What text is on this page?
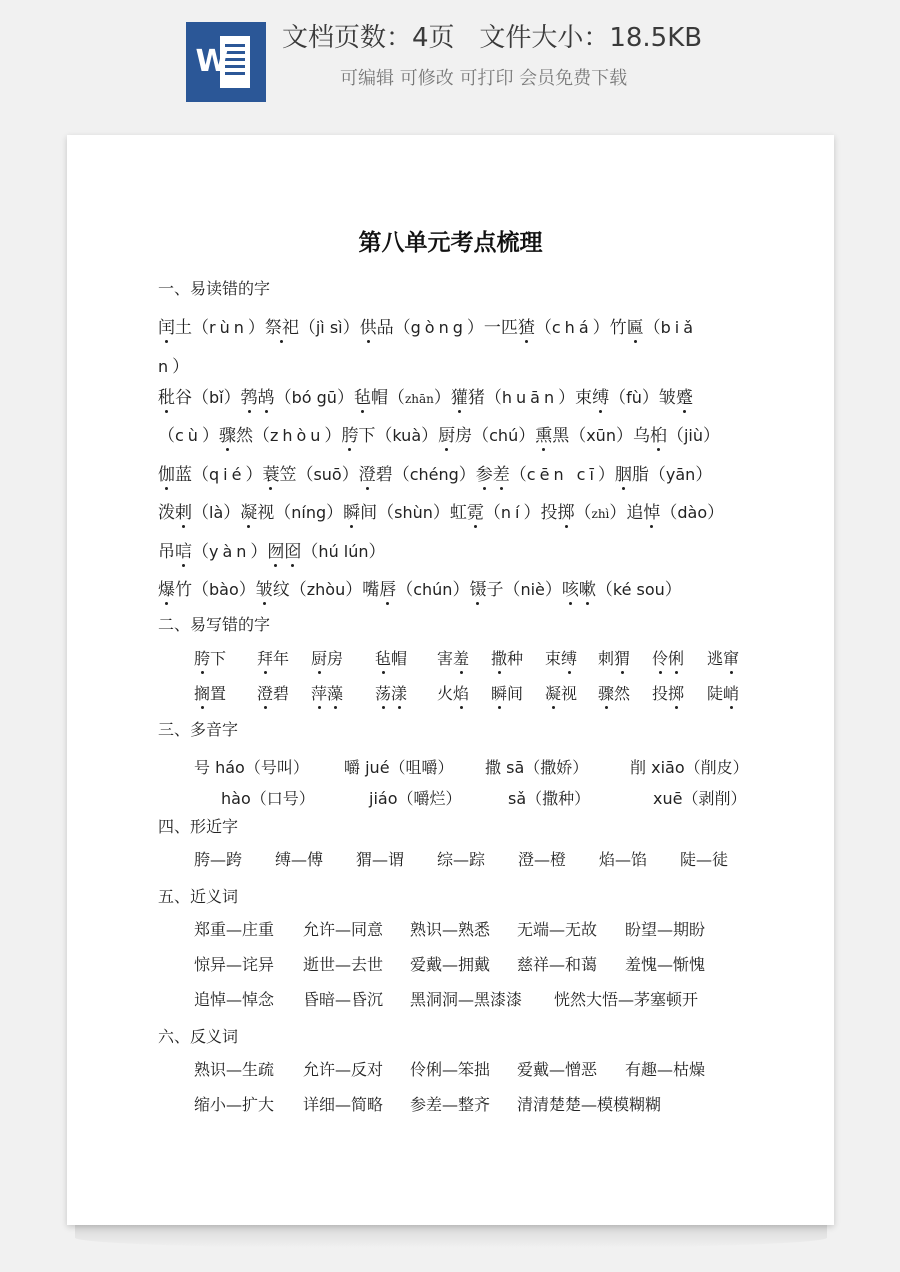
W
文档页数：4页   文件大小：18.5KB
可编辑 可修改 可打印 会员免费下载
第八单元考点梳理
一、易读错的字
闰土（rùn）祭祀（jì sì）供品（gòng）一匹猹（chá）竹匾（biǎ
n）
秕谷（bǐ）鹁鸪（bó gū）毡帽（zhān）獾猪（huān）束缚（fù）皱蹙
（cù）骤然（zhòu）胯下（kuà）厨房（chú）熏黑（xūn）乌桕（jiù）
伽蓝（qié）蓑笠（suō）澄碧（chéng）参差（cēn cī）胭脂（yān）
泼剌（là）凝视（níng）瞬间（shùn）虹霓（ní）投掷（zhì）追悼（dào）
吊唁（yàn）囫囵（hú lún）
爆竹（bào）皱纹（zhòu）嘴唇（chún）镊子（niè）咳嗽（ké sou）
二、易写错的字
胯下 拜年 厨房 毡帽 害羞 撒种 束缚 刺猬 伶俐 逃窜
搁置 澄碧 萍藻 荡漾 火焰 瞬间 凝视 骤然 投掷 陡峭
三、多音字
号 háo（号叫）
hào（口号）
嚼 jué（咀嚼）
jiáo（嚼烂）
撒 sā（撒娇）
sǎ（撒种）
削 xiāo（削皮）
xuē（剥削）
四、形近字
胯—跨 缚—傅 猬—谓 综—踪 澄—橙 焰—馅 陡—徒
五、近义词
郑重—庄重 允许—同意 熟识—熟悉 无端—无故 盼望—期盼
惊异—诧异 逝世—去世 爱戴—拥戴 慈祥—和蔼 羞愧—惭愧
追悼—悼念 昏暗—昏沉 黑洞洞—黑漆漆 恍然大悟—茅塞顿开
六、反义词
熟识—生疏 允许—反对 伶俐—笨拙 爱戴—憎恶 有趣—枯燥
缩小—扩大 详细—简略 参差—整齐 清清楚楚—模模糊糊
